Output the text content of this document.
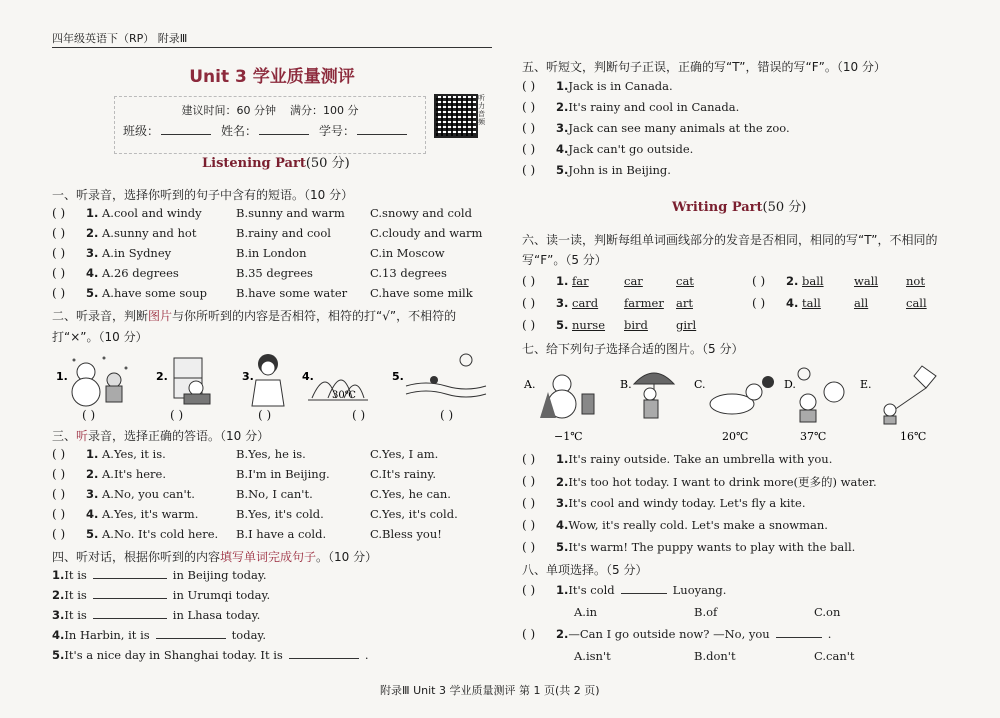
四年级英语下（RP） 附录Ⅲ
Unit 3 学业质量测评
建议时间：60 分钟 满分：100 分
班级：	姓名：	学号：
听力音频
Listening Part(50 分)
一、听录音，选择你听到的句子中含有的短语。（10 分）
( ) 1. A.cool and windy	B.sunny and warm C.snowy and cold
( ) 2. A.sunny and hot	B.rainy and cool	C.cloudy and warm
( ) 3. A.in Sydney	B.in London	C.in Moscow
( ) 4. A.26 degrees	B.35 degrees	C.13 degrees
( ) 5. A.have some soup	B.have some water C.have some milk
二、听录音，判断图片与你所听到的内容是否相符，相符的打“√”，不相符的
打“×”。（10 分）
1.	2.	3.	4.
30℃
5.
( )	( )	( )	( )	( )
三、听录音，选择正确的答语。（10 分）
( ) 1. A.Yes, it is.	B.Yes, he is.	C.Yes, I am.
( ) 2. A.It's here.	B.I'm in Beijing.	C.It's rainy.
( ) 3. A.No, you can't.	B.No, I can't.	C.Yes, he can.
( ) 4. A.Yes, it's warm.	B.Yes, it's cold.	C.Yes, it's cold.
( ) 5. A.No. It's cold here. B.I have a cold.	C.Bless you!
四、听对话，根据你听到的内容填写单词完成句子。（10 分）
1.It is	in Beijing today.
2.It is	in Urumqi today.
3.It is	in Lhasa today.
4.In Harbin, it is	today.
5.It's a nice day in Shanghai today. It is	.
五、听短文，判断句子正误，正确的写“T”，错误的写“F”。（10 分）
( ) 1.Jack is in Canada.
( ) 2.It's rainy and cool in Canada.
( ) 3.Jack can see many animals at the zoo.
( ) 4.Jack can't go outside.
( ) 5.John is in Beijing.
Writing Part(50 分)
六、读一读，判断每组单词画线部分的发音是否相同，相同的写“T”，不相同的
写“F”。（5 分）
( ) 1. far	car	cat	( ) 2. ball	wall not
( ) 3. card farmer art	( ) 4. tall	all	call
( ) 5. nurse bird girl
七、给下列句子选择合适的图片。（5 分）
A.
−1℃
B.	C.
20℃
D.
37℃
E.
16℃
( ) 1.It's rainy outside. Take an umbrella with you.
( ) 2.It's too hot today. I want to drink more(更多的) water.
( ) 3.It's cool and windy today. Let's fly a kite.
( ) 4.Wow, it's really cold. Let's make a snowman.
( ) 5.It's warm! The puppy wants to play with the ball.
八、单项选择。（5 分）
( ) 1.It's cold	Luoyang.
A.in	B.of	C.on
( ) 2.—Can I go outside now? —No, you	.
A.isn't	B.don't	C.can't
附录Ⅲ Unit 3 学业质量测评 第 1 页(共 2 页)
